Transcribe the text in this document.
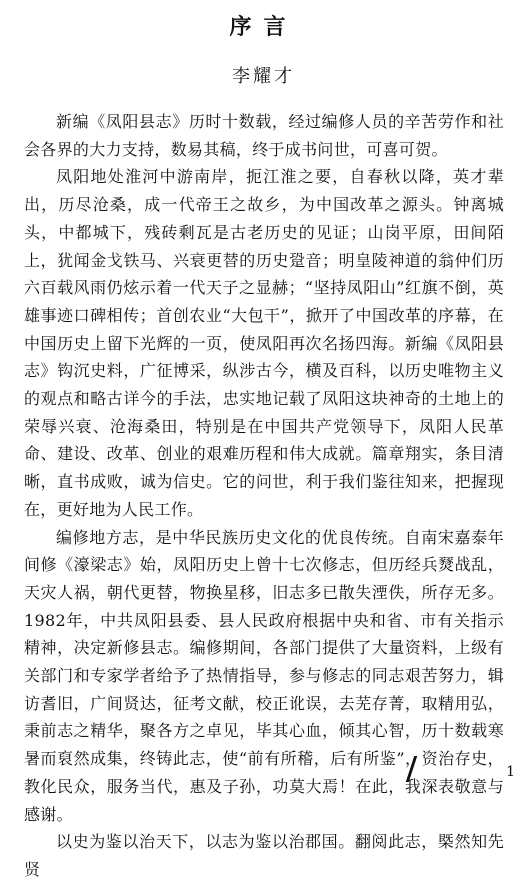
序言
李耀才

新编《凤阳县志》历时十数载，经过编修人员的辛苦劳作和社会各界的大力支持，数易其稿，终于成书问世，可喜可贺。

凤阳地处淮河中游南岸，扼江淮之要，自春秋以降，英才辈出，历尽沧桑，成一代帝王之故乡，为中国改革之源头。钟离城头，中都城下，残砖剩瓦是古老历史的见证；山岗平原，田间陌上，犹闻金戈铁马、兴衰更替的历史跫音；明皇陵神道的翁仲们历六百载风雨仍炫示着一代天子之显赫；“坚持凤阳山”红旗不倒，英雄事迹口碑相传；首创农业“大包干”，掀开了中国改革的序幕，在中国历史上留下光辉的一页，使凤阳再次名扬四海。新编《凤阳县志》钩沉史料，广征博采，纵涉古今，横及百科，以历史唯物主义的观点和略古详今的手法，忠实地记载了凤阳这块神奇的土地上的荣辱兴衰、沧海桑田，特别是在中国共产党领导下，凤阳人民革命、建设、改革、创业的艰难历程和伟大成就。篇章翔实，条目清晰，直书成败，诚为信史。它的问世，利于我们鉴往知来，把握现在，更好地为人民工作。

编修地方志，是中华民族历史文化的优良传统。自南宋嘉泰年间修《濠梁志》始，凤阳历史上曾十七次修志，但历经兵燹战乱，天灾人祸，朝代更替，物换星移，旧志多已散失湮佚，所存无多。1982年，中共凤阳县委、县人民政府根据中央和省、市有关指示精神，决定新修县志。编修期间，各部门提供了大量资料，上级有关部门和专家学者给予了热情指导，参与修志的同志艰苦努力，辑访耆旧，广间贤达，征考文献，校正讹误，去芜存菁，取精用弘，秉前志之精华，聚各方之卓见，毕其心血，倾其心智，历十数载寒暑而裒然成集，终铸此志，使“前有所稽，后有所鉴”，资治存史，教化民众，服务当代，惠及子孙，功莫大焉！在此，我深表敬意与感谢。

以史为鉴以治天下，以志为鉴以治郡国。翻阅此志，槩然知先贤

1
